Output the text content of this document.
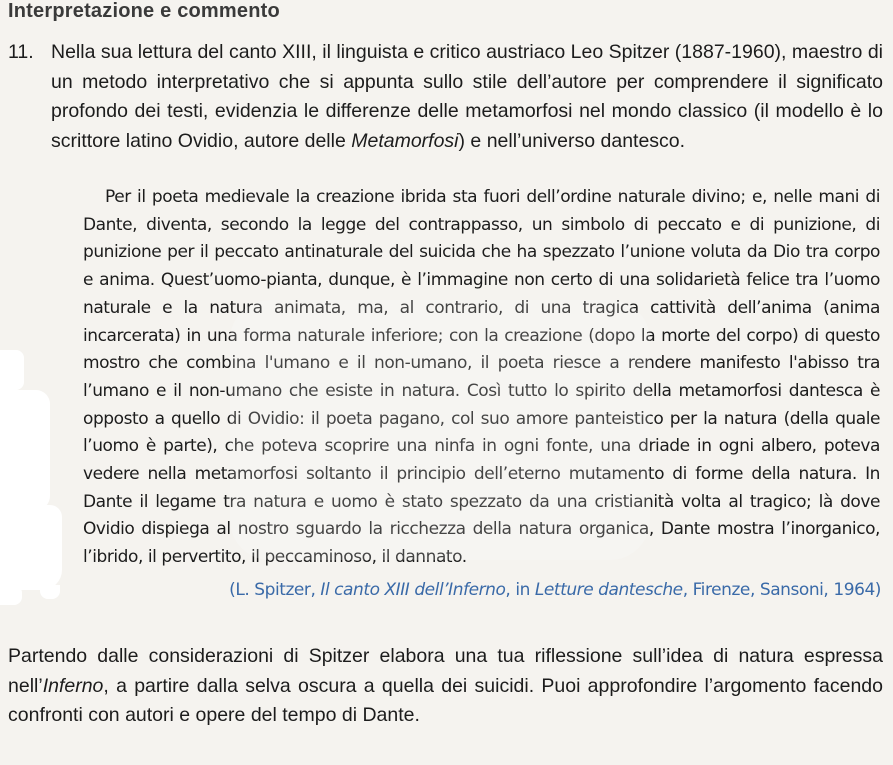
Interpretazione e commento
11. Nella sua lettura del canto XIII, il linguista e critico austriaco Leo Spitzer (1887-1960), maestro di un metodo interpretativo che si appunta sullo stile dell’autore per comprendere il significato profondo dei testi, evidenzia le differenze delle metamorfosi nel mondo classico (il modello è lo scrittore latino Ovidio, autore delle Metamorfosi) e nell’universo dantesco.
Per il poeta medievale la creazione ibrida sta fuori dell’ordine naturale divino; e, nelle mani di Dante, diventa, secondo la legge del contrappasso, un simbolo di peccato e di punizione, di punizione per il peccato antinaturale del suicida che ha spezzato l’unione voluta da Dio tra corpo e anima. Quest’uomo-pianta, dunque, è l’immagine non certo di una solidarietà felice tra l’uomo naturale e la natura animata, ma, al contrario, di una tragica cattività dell’anima (anima incarcerata) in una forma naturale inferiore; con la creazione (dopo la morte del corpo) di questo mostro che combina l'umano e il non-umano, il poeta riesce a rendere manifesto l'abisso tra l’umano e il non-umano che esiste in natura. Così tutto lo spirito della metamorfosi dantesca è opposto a quello di Ovidio: il poeta pagano, col suo amore panteistico per la natura (della quale l’uomo è parte), che poteva scoprire una ninfa in ogni fonte, una driade in ogni albero, poteva vedere nella metamorfosi soltanto il principio dell’eterno mutamento di forme della natura. In Dante il legame tra natura e uomo è stato spezzato da una cristianità volta al tragico; là dove Ovidio dispiega al nostro sguardo la ricchezza della natura organica, Dante mostra l’inorganico, l’ibrido, il pervertito, il peccaminoso, il dannato.
(L. Spitzer, Il canto XIII dell’Inferno, in Letture dantesche, Firenze, Sansoni, 1964)
Partendo dalle considerazioni di Spitzer elabora una tua riflessione sull’idea di natura espressa nell’Inferno, a partire dalla selva oscura a quella dei suicidi. Puoi approfondire l’argomento facendo confronti con autori e opere del tempo di Dante.
